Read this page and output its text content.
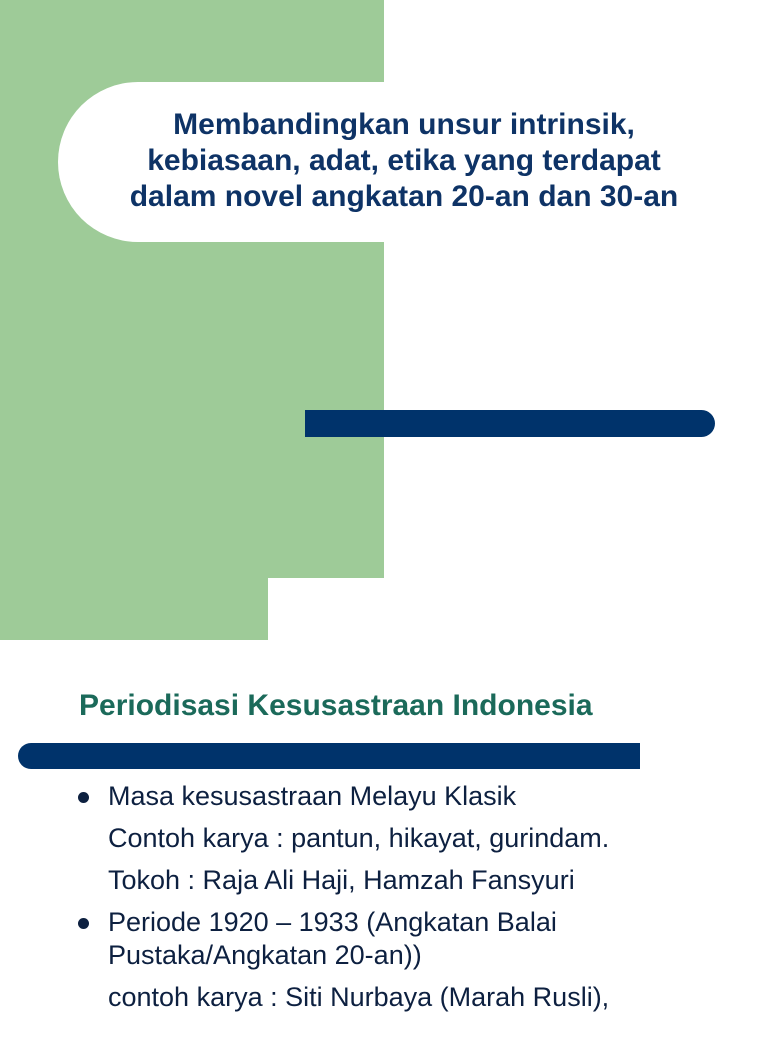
Membandingkan unsur intrinsik,
kebiasaan, adat, etika yang terdapat
dalam novel angkatan 20-an dan 30-an
Periodisasi Kesusastraan Indonesia
Masa kesusastraan Melayu Klasik
Contoh karya : pantun, hikayat, gurindam.
Tokoh : Raja Ali Haji, Hamzah Fansyuri
Periode 1920 – 1933 (Angkatan Balai
Pustaka/Angkatan 20-an))
contoh karya : Siti Nurbaya (Marah Rusli),
